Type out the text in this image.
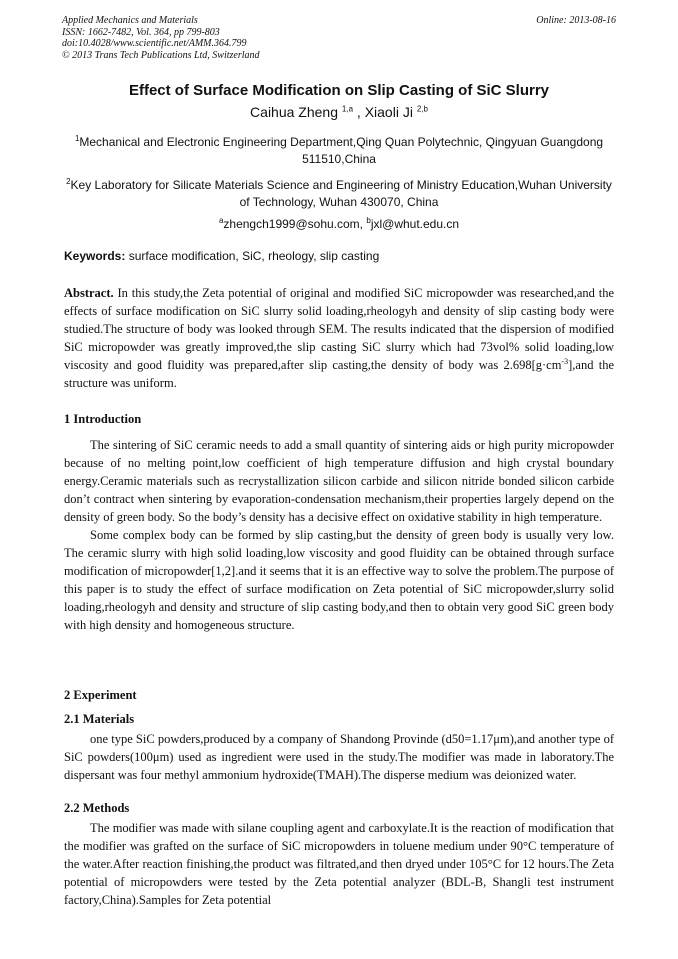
Applied Mechanics and Materials
ISSN: 1662-7482, Vol. 364, pp 799-803
doi:10.4028/www.scientific.net/AMM.364.799
© 2013 Trans Tech Publications Ltd, Switzerland
Online: 2013-08-16
Effect of Surface Modification on Slip Casting of SiC Slurry
Caihua Zheng $^{1,a}$ , Xiaoli Ji $^{2,b}$
$^1$Mechanical and Electronic Engineering Department,Qing Quan Polytechnic, Qingyuan Guangdong 511510,China
$^2$Key Laboratory for Silicate Materials Science and Engineering of Ministry Education,Wuhan University of Technology, Wuhan 430070, China
$^a$zhengch1999@sohu.com, $^b$jxl@whut.edu.cn
Keywords: surface modification, SiC, rheology, slip casting
Abstract. In this study,the Zeta potential of original and modified SiC micropowder was researched,and the effects of surface modification on SiC slurry solid loading,rheologyh and density of slip casting body were studied.The structure of body was looked through SEM. The results indicated that the dispersion of modified SiC micropowder was greatly improved,the slip casting SiC slurry which had 73vol% solid loading,low viscosity and good fluidity was prepared,after slip casting,the density of body was $2.698[g\cdot cm^{-3}],and$ the structure was uniform.
1 Introduction

The sintering of SiC ceramic needs to add a small quantity of sintering aids or high purity micropowder because of no melting point,low coefficient of high temperature diffusion and high crystal boundary energy.Ceramic materials such as recrystallization silicon carbide and silicon nitride bonded silicon carbide don’t contract when sintering by evaporation-condensation mechanism,their properties largely depend on the density of green body. So the body’s density has a decisive effect on oxidative stability in high temperature.

Some complex body can be formed by slip casting,but the density of green body is usually very low. The ceramic slurry with high solid loading,low viscosity and good fluidity can be obtained through surface modification of micropowder[1,2].and it seems that it is an effective way to solve the problem.The purpose of this paper is to study the effect of surface modification on Zeta potential of SiC micropowder,slurry solid loading,rheologyh and density and structure of slip casting body,and then to obtain very good SiC green body with high density and homogeneous structure.

2 Experiment
2.1 Materials

one type SiC powders,produced by a company of Shandong Provinde (d50=1.17μm),and another type of SiC powders(100μm) used as ingredient were used in the study.The modifier was made in laboratory.The dispersant was four methyl ammonium hydroxide(TMAH).The disperse medium was deionized water.

2.2 Methods

The modifier was made with silane coupling agent and carboxylate.It is the reaction of modification that the modifier was grafted on the surface of SiC micropowders in toluene medium under 90°C temperature of the water.After reaction finishing,the product was filtrated,and then dryed under 105°C for 12 hours.The Zeta potential of micropowders were tested by the Zeta potential analyzer (BDL-B, Shangli test instrument factory,China).Samples for Zeta potential
